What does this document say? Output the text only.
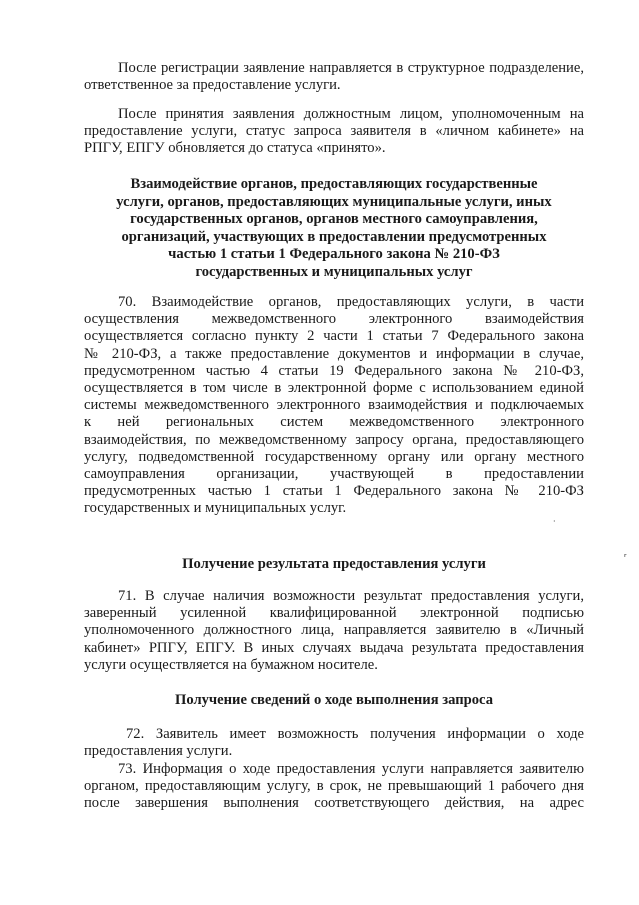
После регистрации заявление направляется в структурное подразделение,
ответственное за предоставление услуги.

После принятия заявления должностным лицом, уполномоченным на
предоставление услуги, статус запроса заявителя в «личном кабинете» на
РПГУ, ЕПГУ обновляется до статуса «принято».

Взаимодействие органов, предоставляющих государственные
услуги, органов, предоставляющих муниципальные услуги, иных
государственных органов, органов местного самоуправления,
организаций, участвующих в предоставлении предусмотренных
частью 1 статьи 1 Федерального закона № 210-ФЗ
государственных и муниципальных услуг

70. Взаимодействие органов, предоставляющих услуги, в части
осуществления межведомственного электронного взаимодействия
осуществляется согласно пункту 2 части 1 статьи 7 Федерального закона
№ 210-ФЗ, а также предоставление документов и информации в случае,
предусмотренном частью 4 статьи 19 Федерального закона № 210-ФЗ,
осуществляется в том числе в электронной форме с использованием единой
системы межведомственного электронного взаимодействия и подключаемых
к ней региональных систем межведомственного электронного
взаимодействия, по межведомственному запросу органа, предоставляющего
услугу, подведомственной государственному органу или органу местного
самоуправления организации, участвующей в предоставлении
предусмотренных частью 1 статьи 1 Федерального закона № 210-ФЗ
государственных и муниципальных услуг.

Получение результата предоставления услуги

71. В случае наличия возможности результат предоставления услуги,
заверенный усиленной квалифицированной электронной подписью
уполномоченного должностного лица, направляется заявителю в «Личный
кабинет» РПГУ, ЕПГУ. В иных случаях выдача результата предоставления
услуги осуществляется на бумажном носителе.

Получение сведений о ходе выполнения запроса

72. Заявитель имеет возможность получения информации о ходе
предоставления услуги.

73. Информация о ходе предоставления услуги направляется заявителю
органом, предоставляющим услугу, в срок, не превышающий 1 рабочего дня
после завершения выполнения соответствующего действия, на адрес

·
ᵣ
